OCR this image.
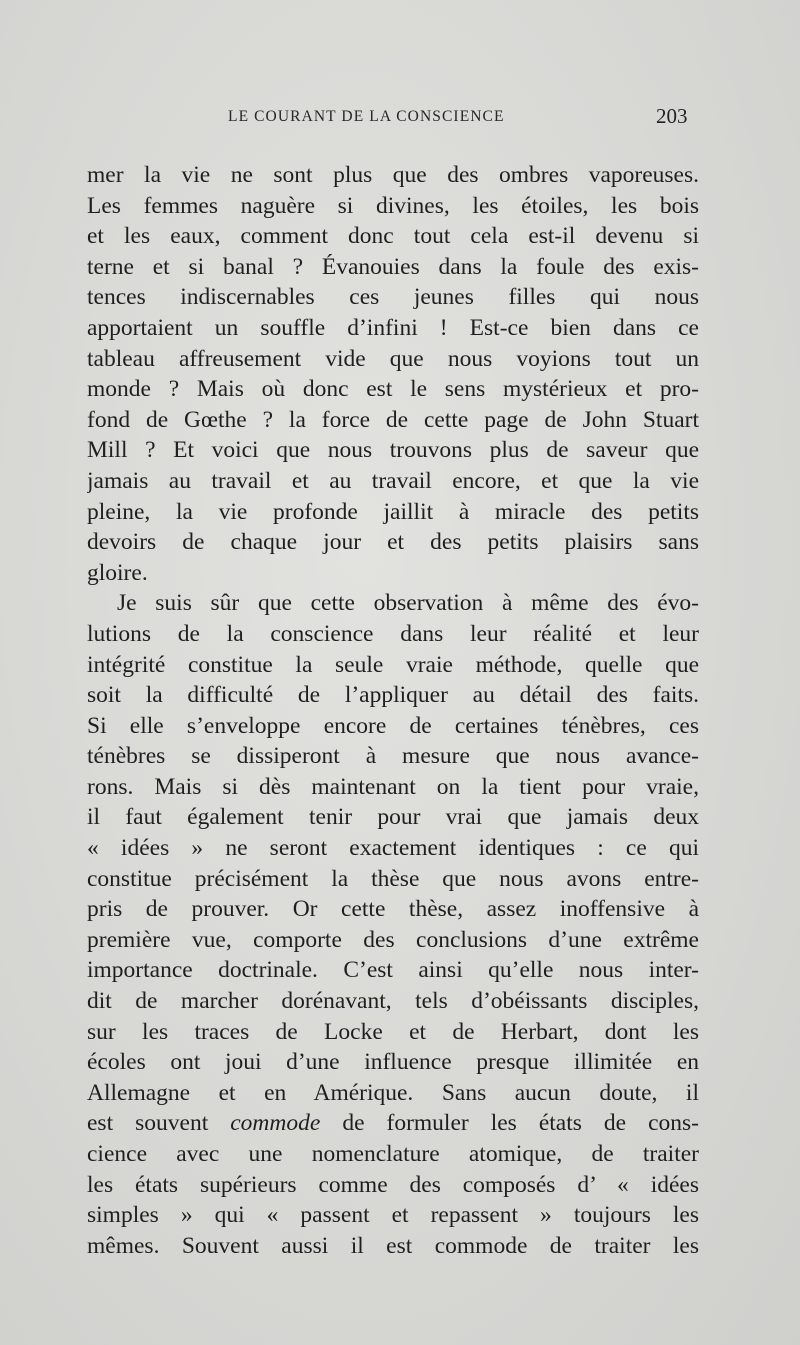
LE COURANT DE LA CONSCIENCE	203
mer la vie ne sont plus que des ombres vaporeuses.
Les femmes naguère si divines, les étoiles, les bois
et les eaux, comment donc tout cela est-il devenu si
terne et si banal ? Évanouies dans la foule des exis-
tences indiscernables ces jeunes filles qui nous
apportaient un souffle d’infini ! Est-ce bien dans ce
tableau affreusement vide que nous voyions tout un
monde ? Mais où donc est le sens mystérieux et pro-
fond de Gœthe ? la force de cette page de John Stuart
Mill ? Et voici que nous trouvons plus de saveur que
jamais au travail et au travail encore, et que la vie
pleine, la vie profonde jaillit à miracle des petits
devoirs de chaque jour et des petits plaisirs sans
gloire.
Je suis sûr que cette observation à même des évo-
lutions de la conscience dans leur réalité et leur
intégrité constitue la seule vraie méthode, quelle que
soit la difficulté de l’appliquer au détail des faits.
Si elle s’enveloppe encore de certaines ténèbres, ces
ténèbres se dissiperont à mesure que nous avance-
rons. Mais si dès maintenant on la tient pour vraie,
il faut également tenir pour vrai que jamais deux
« idées » ne seront exactement identiques : ce qui
constitue précisément la thèse que nous avons entre-
pris de prouver. Or cette thèse, assez inoffensive à
première vue, comporte des conclusions d’une extrême
importance doctrinale. C’est ainsi qu’elle nous inter-
dit de marcher dorénavant, tels d’obéissants disciples,
sur les traces de Locke et de Herbart, dont les
écoles ont joui d’une influence presque illimitée en
Allemagne et en Amérique. Sans aucun doute, il
est souvent commode de formuler les états de cons-
cience avec une nomenclature atomique, de traiter
les états supérieurs comme des composés d’ « idées
simples » qui « passent et repassent » toujours les
mêmes. Souvent aussi il est commode de traiter les
